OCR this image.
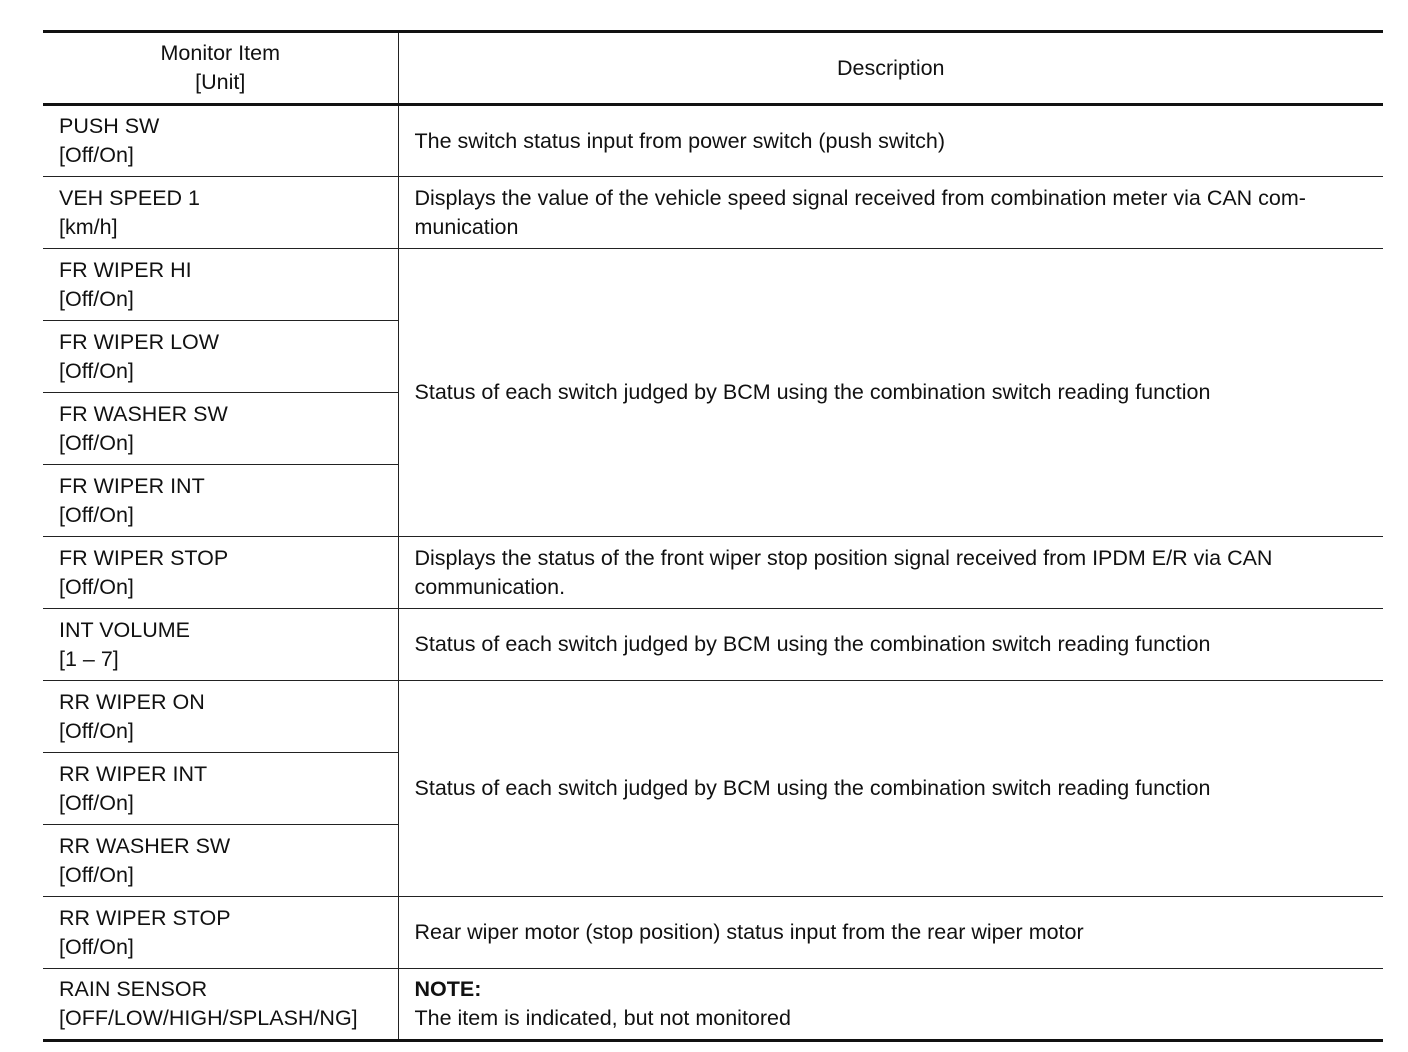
Monitor Item
[Unit]	Description

PUSH SW
[Off/On]	The switch status input from power switch (push switch)

VEH SPEED 1
[km/h]	Displays the value of the vehicle speed signal received from combination meter via CAN com-munication

FR WIPER HI
[Off/On]	Status of each switch judged by BCM using the combination switch reading function

FR WIPER LOW
[Off/On]	

FR WASHER SW
[Off/On]	

FR WIPER INT
[Off/On]	

FR WIPER STOP
[Off/On]	Displays the status of the front wiper stop position signal received from IPDM E/R via CAN communication.

INT VOLUME
[1 – 7]	Status of each switch judged by BCM using the combination switch reading function

RR WIPER ON
[Off/On]	Status of each switch judged by BCM using the combination switch reading function

RR WIPER INT
[Off/On]	

RR WASHER SW
[Off/On]	

RR WIPER STOP
[Off/On]	Rear wiper motor (stop position) status input from the rear wiper motor

RAIN SENSOR
[OFF/LOW/HIGH/SPLASH/NG]	NOTE:
The item is indicated, but not monitored
